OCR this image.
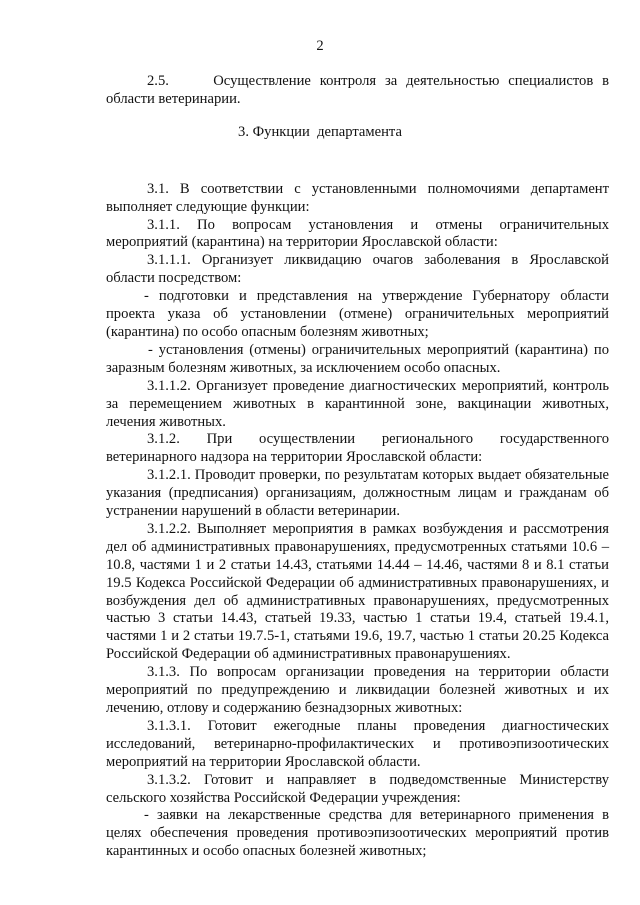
2

2.5.     Осуществление контроля за деятельностью специалистов в области ветеринарии.

3.1. В соответствии с установленными полномочиями департамент выполняет следующие функции:

3.1.1. По вопросам установления и отмены ограничительных мероприятий (карантина) на территории Ярославской области:

3.1.1.1. Организует ликвидацию очагов заболевания в Ярославской области посредством:

- подготовки и представления на утверждение Губернатору области проекта указа об установлении (отмене) ограничительных мероприятий (карантина) по особо опасным болезням животных;

- установления (отмены) ограничительных мероприятий (карантина) по заразным болезням животных, за исключением особо опасных.

3.1.1.2. Организует проведение диагностических мероприятий, контроль за перемещением животных в карантинной зоне, вакцинации животных, лечения животных.

3.1.2. При осуществлении регионального государственного ветеринарного надзора на территории Ярославской области:

3.1.2.1. Проводит проверки, по результатам которых выдает обязательные указания (предписания) организациям, должностным лицам и гражданам об устранении нарушений в области ветеринарии.

3.1.2.2. Выполняет мероприятия в рамках возбуждения и рассмотрения дел об административных правонарушениях, предусмотренных статьями 10.6 – 10.8, частями 1 и 2 статьи 14.43, статьями 14.44 – 14.46, частями 8 и 8.1 статьи 19.5 Кодекса Российской Федерации об административных правонарушениях, и возбуждения дел об административных правонарушениях, предусмотренных частью 3 статьи 14.43, статьей 19.33, частью 1 статьи 19.4, статьей 19.4.1, частями 1 и 2 статьи 19.7.5-1, статьями 19.6, 19.7, частью 1 статьи 20.25 Кодекса Российской Федерации об административных правонарушениях.

3.1.3. По вопросам организации проведения на территории области мероприятий по предупреждению и ликвидации болезней животных и их лечению, отлову и содержанию безнадзорных животных:

3.1.3.1. Готовит ежегодные планы проведения диагностических исследований, ветеринарно-профилактических и противоэпизоотических мероприятий на территории Ярославской области.

3.1.3.2. Готовит и направляет в подведомственные Министерству сельского хозяйства Российской Федерации учреждения:

- заявки на лекарственные средства для ветеринарного применения в целях обеспечения проведения противоэпизоотических мероприятий против карантинных и особо опасных болезней животных;

3. Функции  департамента
